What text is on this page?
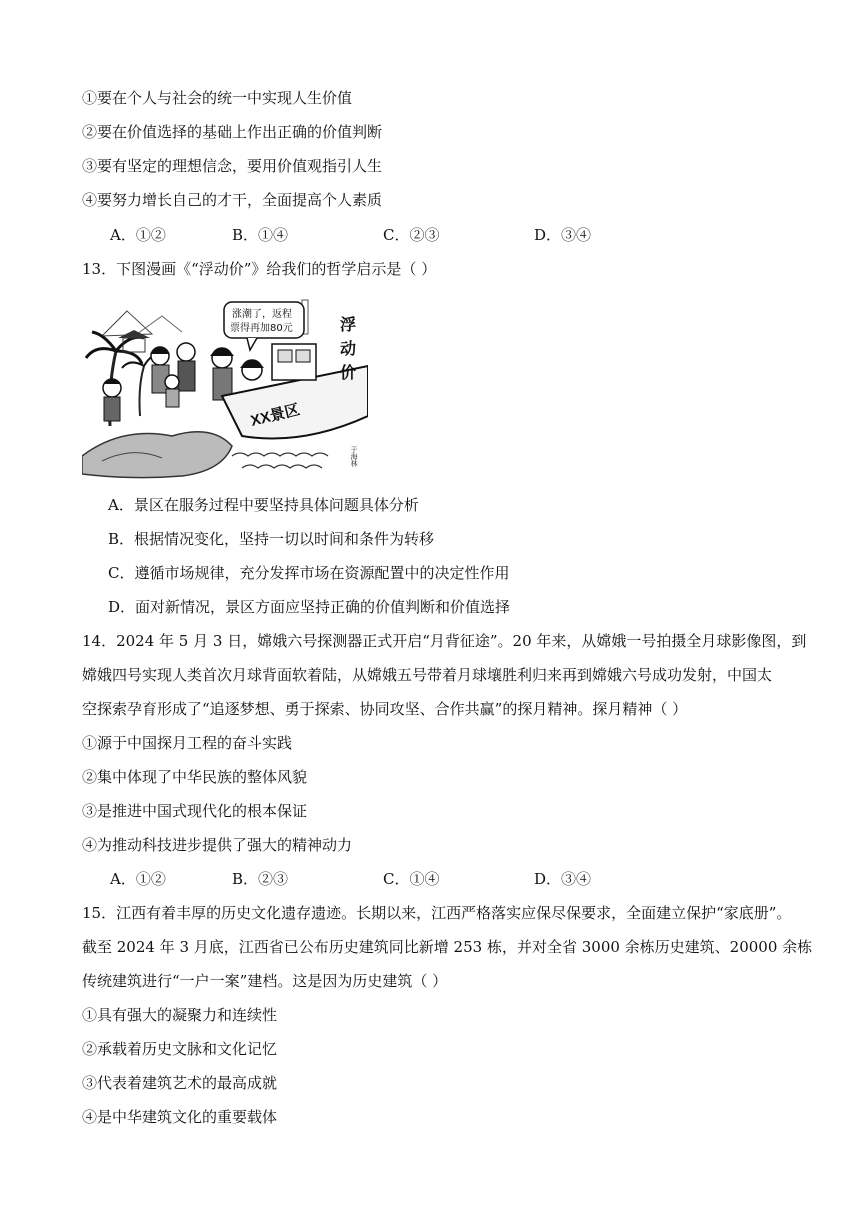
①要在个人与社会的统一中实现人生价值
②要在价值选择的基础上作出正确的价值判断
③要有坚定的理想信念，要用价值观指引人生
④要努力增长自己的才干，全面提高个人素质
A．①②	B．①④	C．②③	D．③④
13．下图漫画《“浮动价”》给我们的哲学启示是（ ）
XX景区
涨潮了，返程
票得再加80元	浮
动
价
于海林
A．景区在服务过程中要坚持具体问题具体分析
B．根据情况变化，坚持一切以时间和条件为转移
C．遵循市场规律，充分发挥市场在资源配置中的决定性作用
D．面对新情况，景区方面应坚持正确的价值判断和价值选择
14．2024 年 5 月 3 日，嫦娥六号探测器正式开启“月背征途”。20 年来，从嫦娥一号拍摄全月球影像图，到
嫦娥四号实现人类首次月球背面软着陆，从嫦娥五号带着月球壤胜利归来再到嫦娥六号成功发射，中国太
空探索孕育形成了“追逐梦想、勇于探索、协同攻坚、合作共赢”的探月精神。探月精神（ ）
①源于中国探月工程的奋斗实践
②集中体现了中华民族的整体风貌
③是推进中国式现代化的根本保证
④为推动科技进步提供了强大的精神动力
A．①②	B．②③	C．①④	D．③④
15．江西有着丰厚的历史文化遗存遗迹。长期以来，江西严格落实应保尽保要求，全面建立保护“家底册”。
截至 2024 年 3 月底，江西省已公布历史建筑同比新增 253 栋，并对全省 3000 余栋历史建筑、20000 余栋
传统建筑进行“一户一案”建档。这是因为历史建筑（ ）
①具有强大的凝聚力和连续性
②承载着历史文脉和文化记忆
③代表着建筑艺术的最高成就
④是中华建筑文化的重要载体
